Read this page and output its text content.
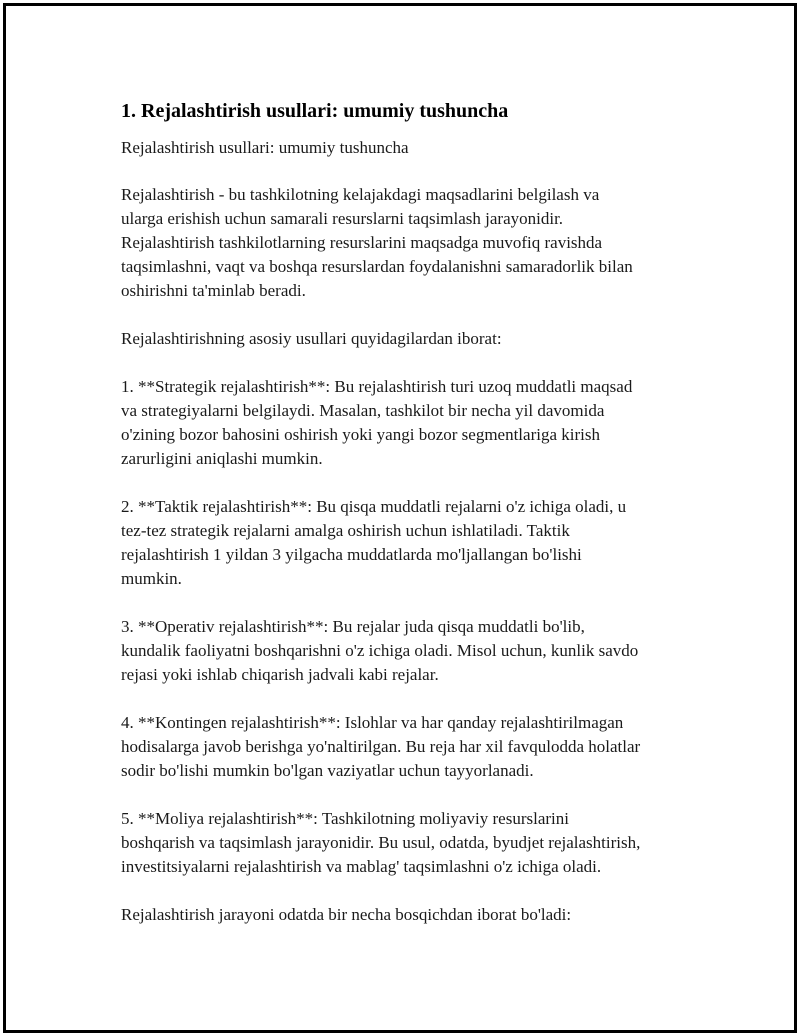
1. Rejalashtirish usullari: umumiy tushuncha

Rejalashtirish usullari: umumiy tushuncha

Rejalashtirish - bu tashkilotning kelajakdagi maqsadlarini belgilash va
ularga erishish uchun samarali resurslarni taqsimlash jarayonidir.
Rejalashtirish tashkilotlarning resurslarini maqsadga muvofiq ravishda
taqsimlashni, vaqt va boshqa resurslardan foydalanishni samaradorlik bilan
oshirishni ta'minlab beradi.

Rejalashtirishning asosiy usullari quyidagilardan iborat:

1. **Strategik rejalashtirish**: Bu rejalashtirish turi uzoq muddatli maqsad
va strategiyalarni belgilaydi. Masalan, tashkilot bir necha yil davomida
o'zining bozor bahosini oshirish yoki yangi bozor segmentlariga kirish
zarurligini aniqlashi mumkin.

2. **Taktik rejalashtirish**: Bu qisqa muddatli rejalarni o'z ichiga oladi, u
tez-tez strategik rejalarni amalga oshirish uchun ishlatiladi. Taktik
rejalashtirish 1 yildan 3 yilgacha muddatlarda mo'ljallangan bo'lishi
mumkin.

3. **Operativ rejalashtirish**: Bu rejalar juda qisqa muddatli bo'lib,
kundalik faoliyatni boshqarishni o'z ichiga oladi. Misol uchun, kunlik savdo
rejasi yoki ishlab chiqarish jadvali kabi rejalar.

4. **Kontingen rejalashtirish**: Islohlar va har qanday rejalashtirilmagan
hodisalarga javob berishga yo'naltirilgan. Bu reja har xil favqulodda holatlar
sodir bo'lishi mumkin bo'lgan vaziyatlar uchun tayyorlanadi.

5. **Moliya rejalashtirish**: Tashkilotning moliyaviy resurslarini
boshqarish va taqsimlash jarayonidir. Bu usul, odatda, byudjet rejalashtirish,
investitsiyalarni rejalashtirish va mablag' taqsimlashni o'z ichiga oladi.

Rejalashtirish jarayoni odatda bir necha bosqichdan iborat bo'ladi:
